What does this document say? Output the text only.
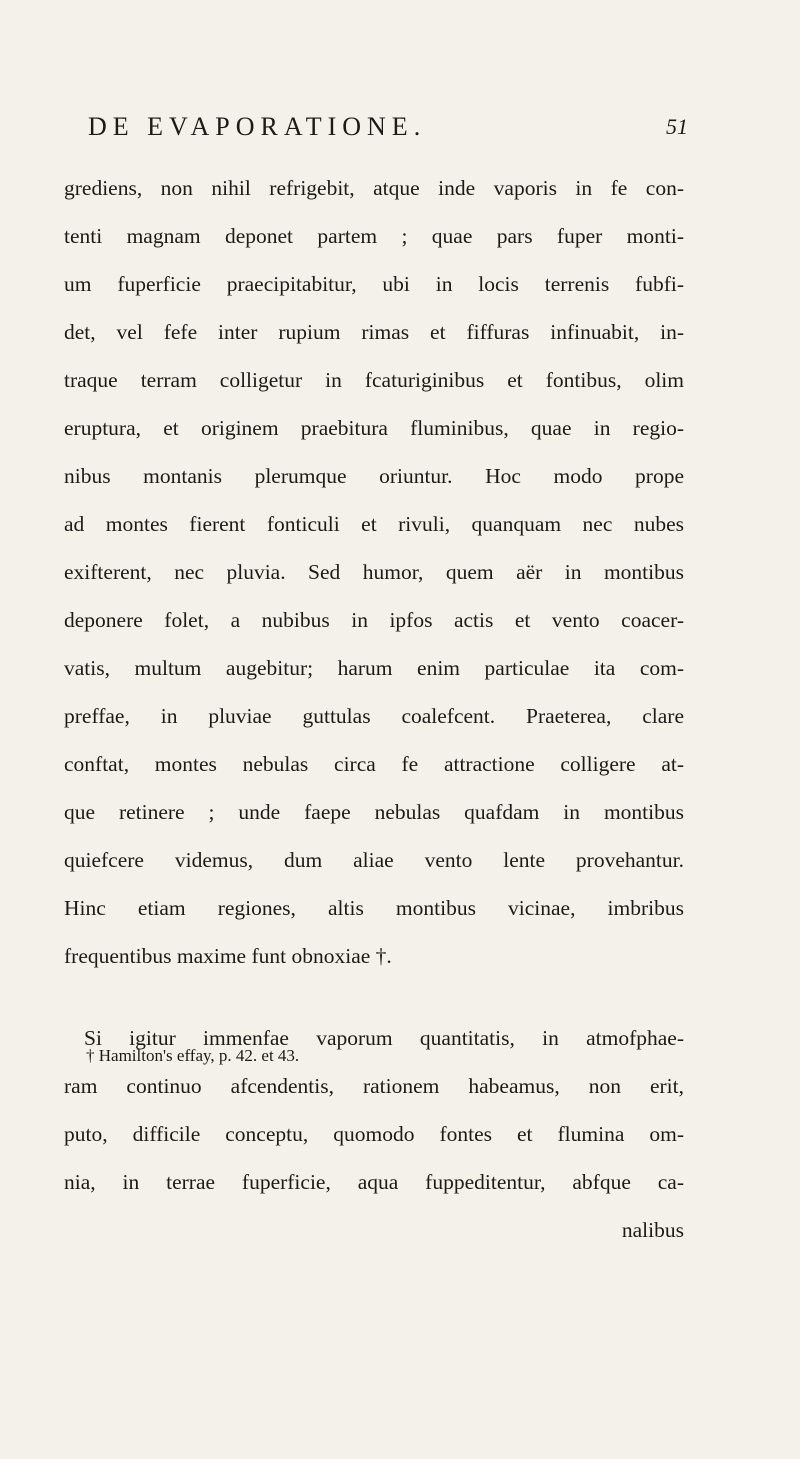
DE EVAPORATIONE.	51
grediens, non nihil refrigebit, atque inde vaporis in fe con-
tenti magnam deponet partem ; quae pars fuper monti-
um fuperficie praecipitabitur, ubi in locis terrenis fubfi-
det, vel fefe inter rupium rimas et fiffuras infinuabit, in-
traque terram colligetur in fcaturiginibus et fontibus, olim
eruptura, et originem praebitura fluminibus, quae in regio-
nibus montanis plerumque oriuntur. Hoc modo prope
ad montes fierent fonticuli et rivuli, quanquam nec nubes
exifterent, nec pluvia. Sed humor, quem aër in montibus
deponere folet, a nubibus in ipfos actis et vento coacer-
vatis, multum augebitur; harum enim particulae ita com-
preffae, in pluviae guttulas coalefcent. Praeterea, clare
conftat, montes nebulas circa fe attractione colligere at-
que retinere ; unde faepe nebulas quafdam in montibus
quiefcere videmus, dum aliae vento lente provehantur.
Hinc etiam regiones, altis montibus vicinae, imbribus
frequentibus maxime funt obnoxiae †.
Si igitur immenfae vaporum quantitatis, in atmofphae-
ram continuo afcendentis, rationem habeamus, non erit,
puto, difficile conceptu, quomodo fontes et flumina om-
nia, in terrae fuperficie, aqua fuppeditentur, abfque ca-
nalibus
† Hamilton's effay, p. 42. et 43.
